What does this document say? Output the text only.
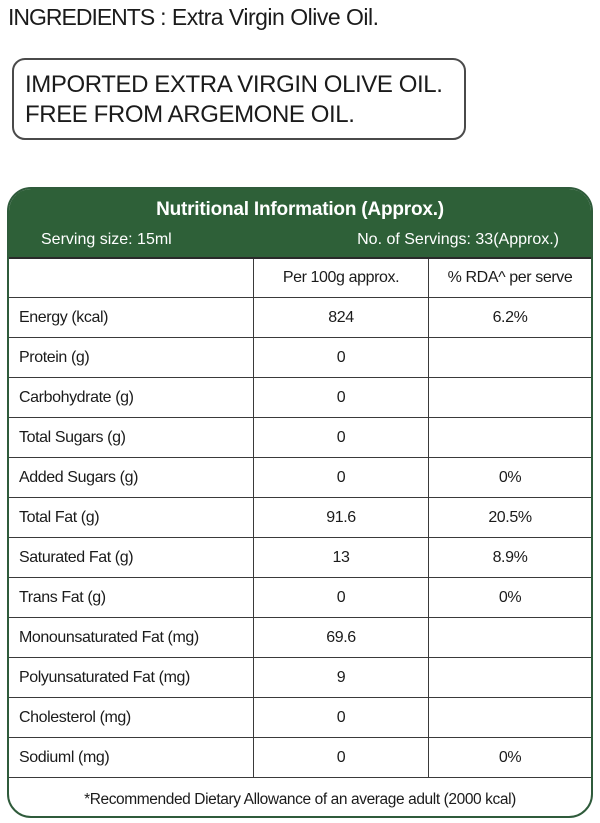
INGREDIENTS : Extra Virgin Olive Oil.
IMPORTED EXTRA VIRGIN OLIVE OIL.
FREE FROM ARGEMONE OIL.
Nutritional Information (Approx.)
Serving size: 15ml	No. of Servings: 33(Approx.)
	Per 100g approx.	% RDA^ per serve
Energy (kcal)	824	6.2%
Protein (g)	0	
Carbohydrate (g)	0	
Total Sugars (g)	0	
Added Sugars (g)	0	0%
Total Fat (g)	91.6	20.5%
Saturated Fat (g)	13	8.9%
Trans Fat (g)	0	0%
Monounsaturated Fat (mg)	69.6	
Polyunsaturated Fat (mg)	9	
Cholesterol (mg)	0	
Sodiuml (mg)	0	0%
*Recommended Dietary Allowance of an average adult (2000 kcal)		
